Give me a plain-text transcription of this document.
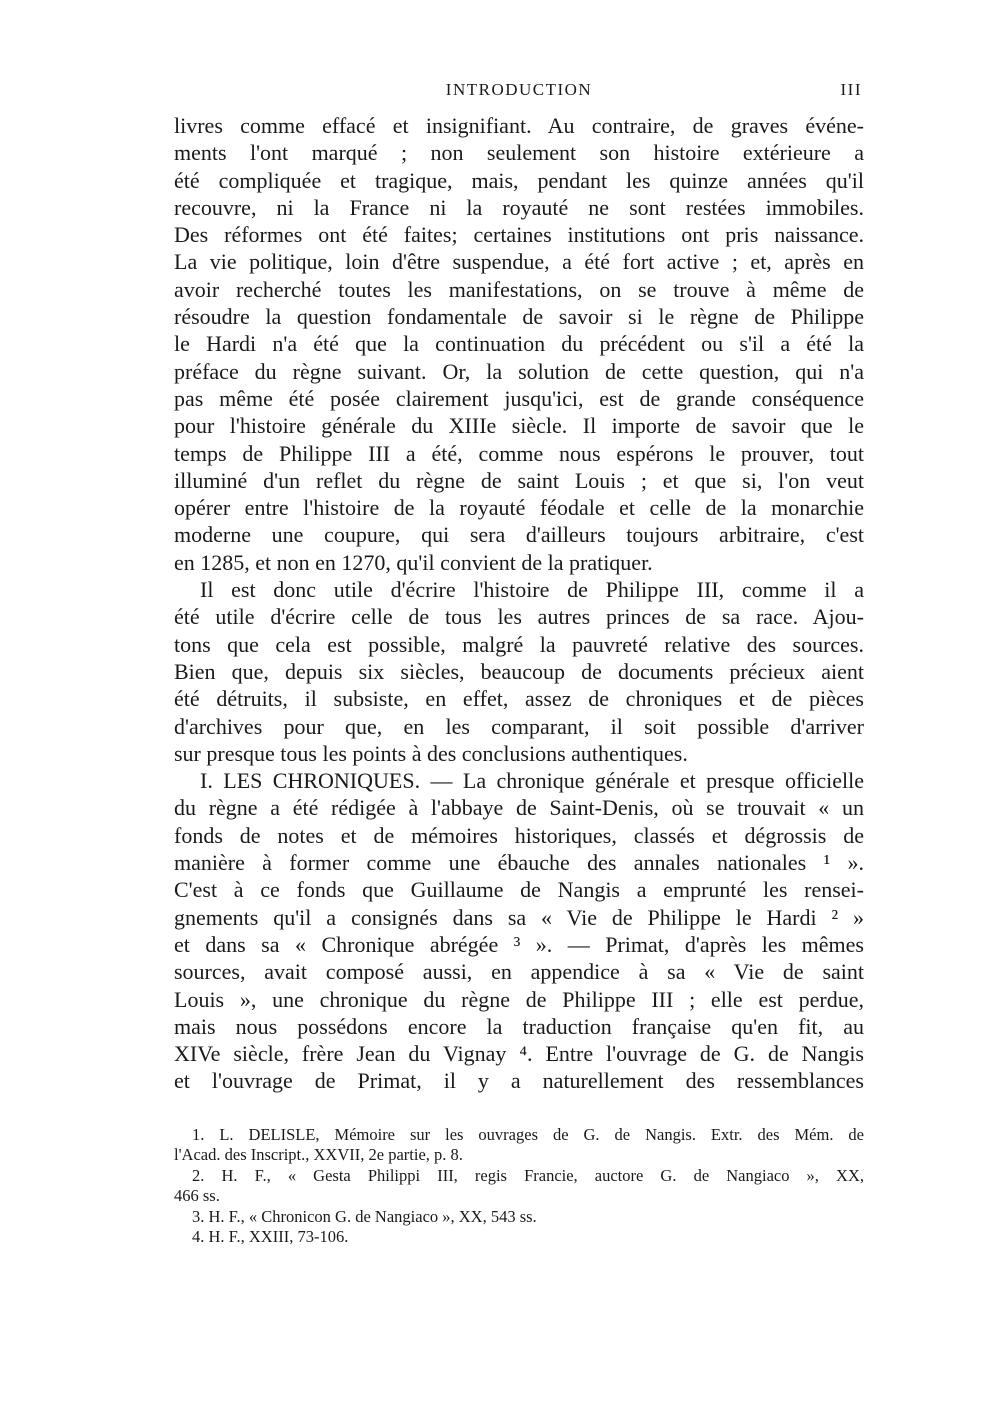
INTRODUCTION	III
livres comme effacé et insignifiant. Au contraire, de graves événe-
ments l'ont marqué ; non seulement son histoire extérieure a
été compliquée et tragique, mais, pendant les quinze années qu'il
recouvre, ni la France ni la royauté ne sont restées immobiles.
Des réformes ont été faites; certaines institutions ont pris naissance.
La vie politique, loin d'être suspendue, a été fort active ; et, après en
avoir recherché toutes les manifestations, on se trouve à même de
résoudre la question fondamentale de savoir si le règne de Philippe
le Hardi n'a été que la continuation du précédent ou s'il a été la
préface du règne suivant. Or, la solution de cette question, qui n'a
pas même été posée clairement jusqu'ici, est de grande conséquence
pour l'histoire générale du XIIIe siècle. Il importe de savoir que le
temps de Philippe III a été, comme nous espérons le prouver, tout
illuminé d'un reflet du règne de saint Louis ; et que si, l'on veut
opérer entre l'histoire de la royauté féodale et celle de la monarchie
moderne une coupure, qui sera d'ailleurs toujours arbitraire, c'est
en 1285, et non en 1270, qu'il convient de la pratiquer.
Il est donc utile d'écrire l'histoire de Philippe III, comme il a
été utile d'écrire celle de tous les autres princes de sa race. Ajou-
tons que cela est possible, malgré la pauvreté relative des sources.
Bien que, depuis six siècles, beaucoup de documents précieux aient
été détruits, il subsiste, en effet, assez de chroniques et de pièces
d'archives pour que, en les comparant, il soit possible d'arriver
sur presque tous les points à des conclusions authentiques.
I. LES CHRONIQUES. — La chronique générale et presque officielle
du règne a été rédigée à l'abbaye de Saint-Denis, où se trouvait « un
fonds de notes et de mémoires historiques, classés et dégrossis de
manière à former comme une ébauche des annales nationales ¹ ».
C'est à ce fonds que Guillaume de Nangis a emprunté les rensei-
gnements qu'il a consignés dans sa « Vie de Philippe le Hardi ² »
et dans sa « Chronique abrégée ³ ». — Primat, d'après les mêmes
sources, avait composé aussi, en appendice à sa « Vie de saint
Louis », une chronique du règne de Philippe III ; elle est perdue,
mais nous possédons encore la traduction française qu'en fit, au
XIVe siècle, frère Jean du Vignay ⁴. Entre l'ouvrage de G. de Nangis
et l'ouvrage de Primat, il y a naturellement des ressemblances
1. L. DELISLE, Mémoire sur les ouvrages de G. de Nangis. Extr. des Mém. de
l'Acad. des Inscript., XXVII, 2e partie, p. 8.
2. H. F., « Gesta Philippi III, regis Francie, auctore G. de Nangiaco », XX,
466 ss.
3. H. F., « Chronicon G. de Nangiaco », XX, 543 ss.
4. H. F., XXIII, 73-106.
